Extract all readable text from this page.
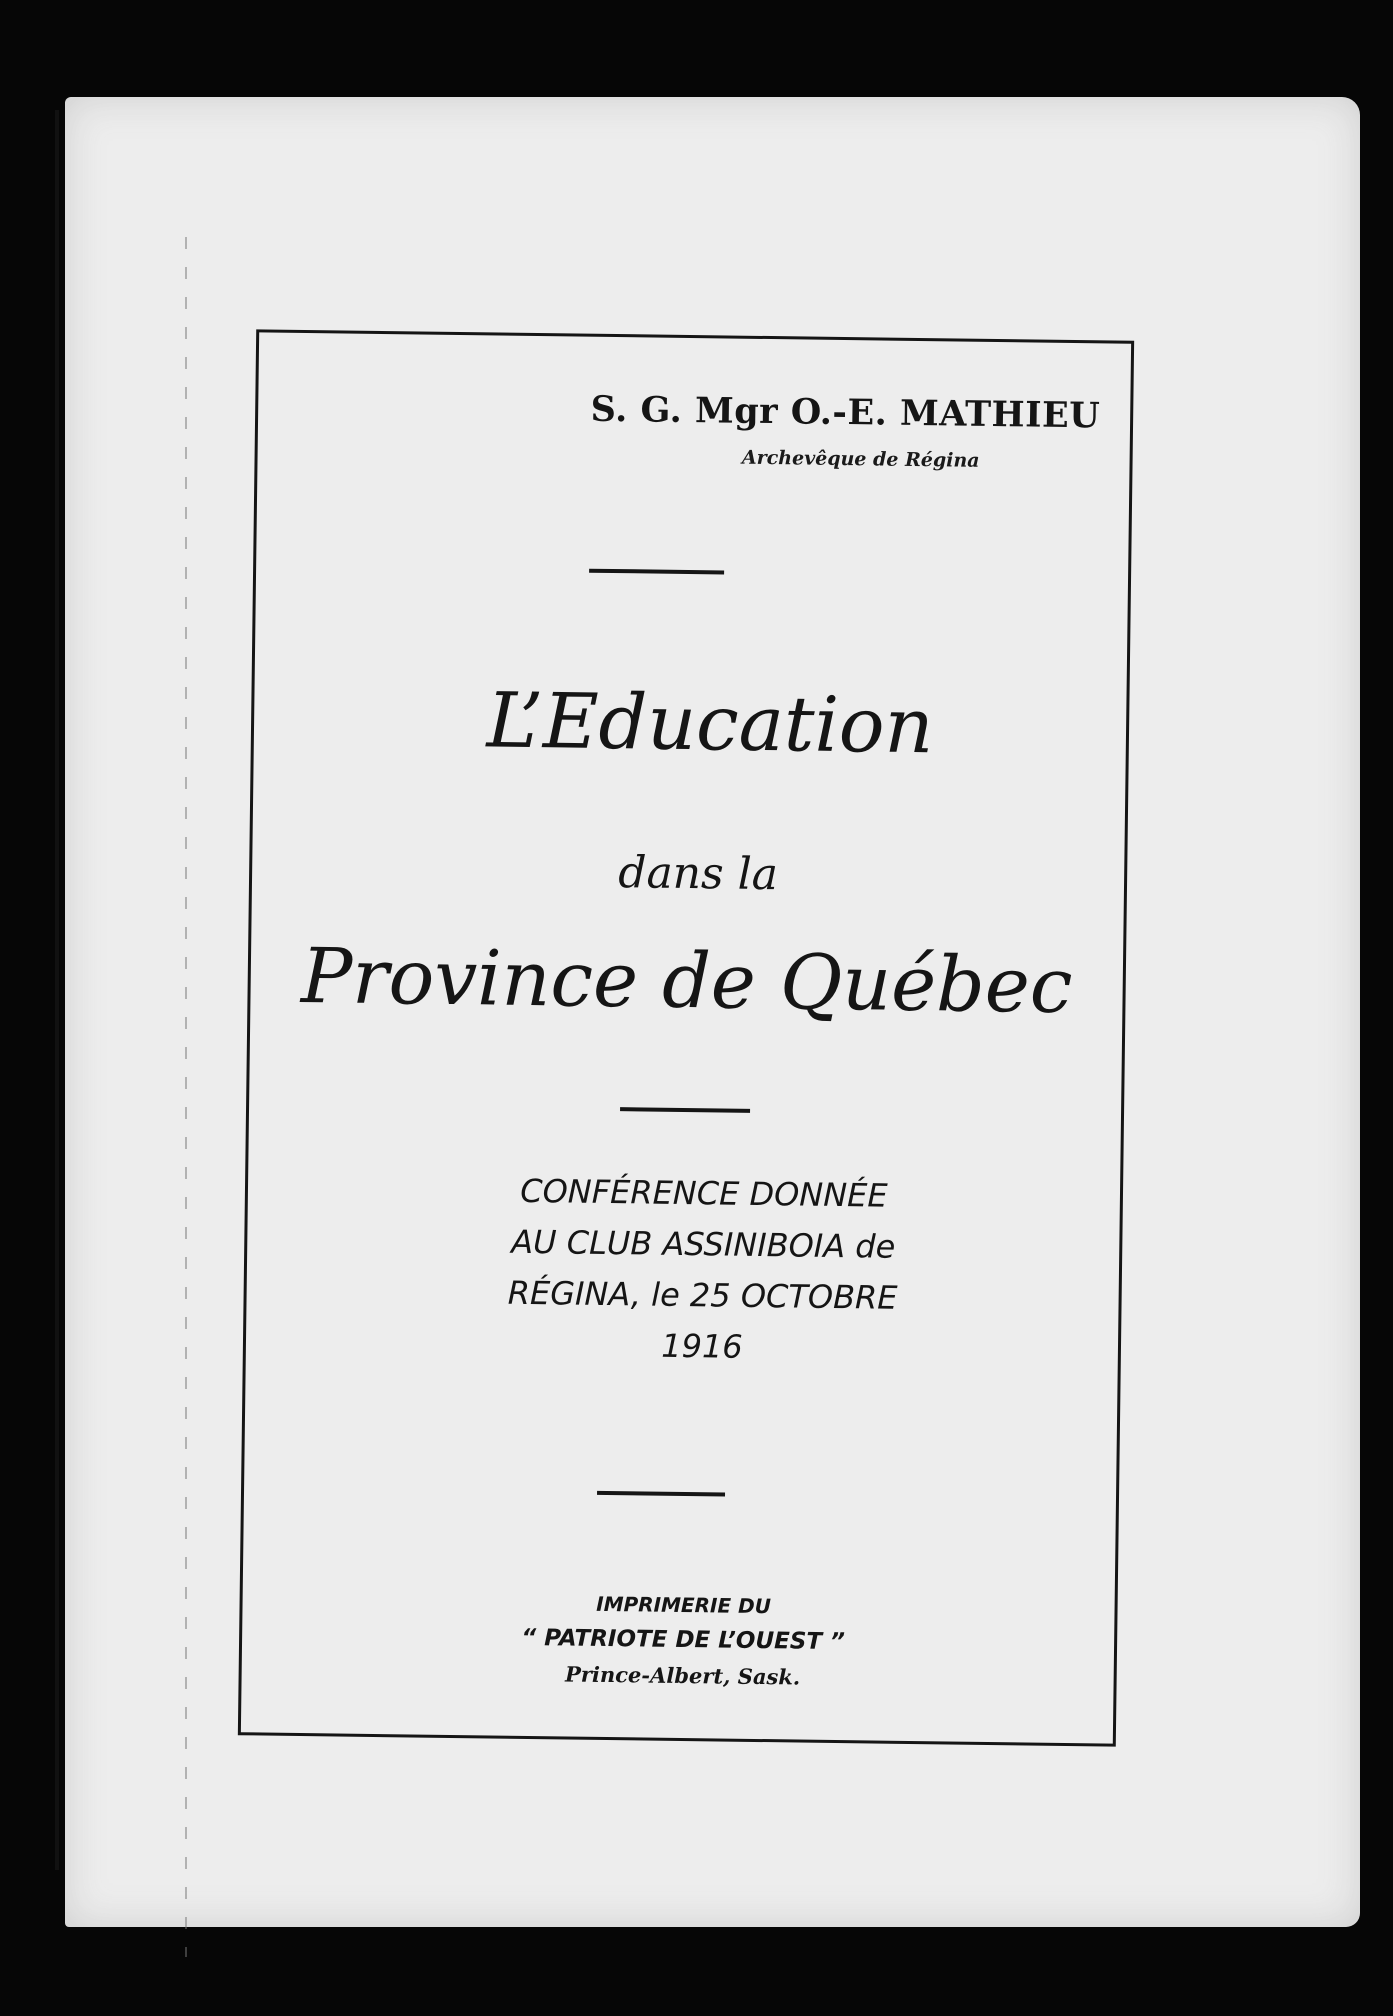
S. G. Mgr O.-E. MATHIEU
Archevêque de Régina
L’Education
dans la
Province de Québec
CONFÉRENCE DONNÉE
AU CLUB ASSINIBOIA de
RÉGINA, le 25 OCTOBRE
1916
IMPRIMERIE DU
“ PATRIOTE DE L’OUEST ”
Prince-Albert, Sask.
